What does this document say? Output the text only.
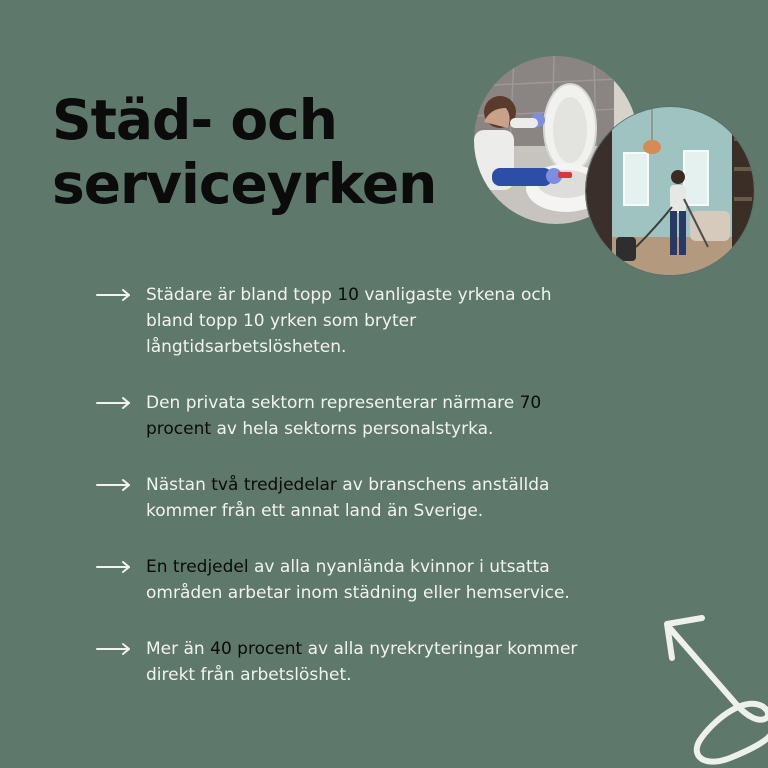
Städ- och
serviceyrken
Städare är bland topp 10 vanligaste yrkena och
bland topp 10 yrken som bryter
långtidsarbetslösheten.
Den privata sektorn representerar närmare 70
procent av hela sektorns personalstyrka.
Nästan två tredjedelar av branschens anställda
kommer från ett annat land än Sverige.
En tredjedel av alla nyanlända kvinnor i utsatta
områden arbetar inom städning eller hemservice.
Mer än 40 procent av alla nyrekryteringar kommer
direkt från arbetslöshet.
